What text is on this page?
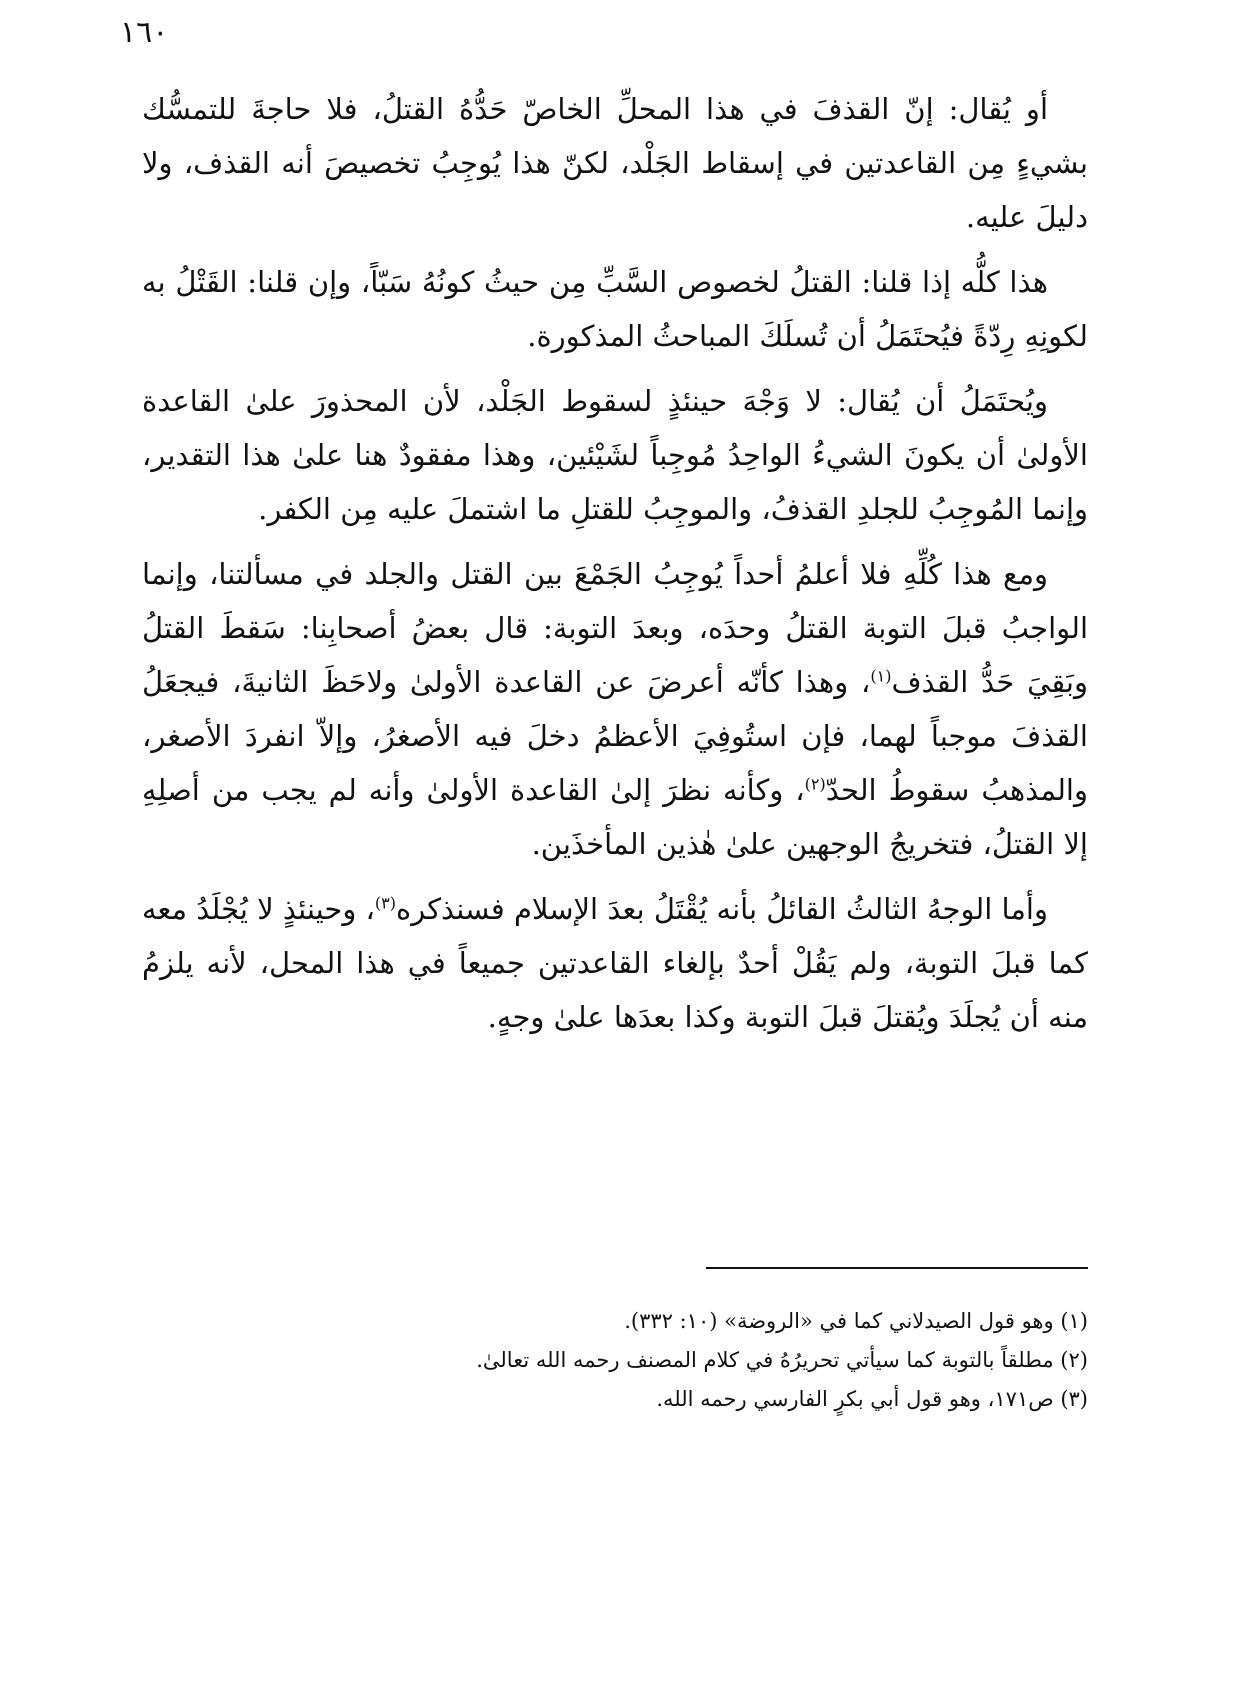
١٦٠

أو يُقال: إنّ القذفَ في هذا المحلِّ الخاصّ حَدُّهُ القتلُ، فلا حاجةَ للتمسُّك بشيءٍ مِن القاعدتين في إسقاط الجَلْد، لكنّ هذا يُوجِبُ تخصيصَ أنه القذف، ولا دليلَ عليه.

هذا كلُّه إذا قلنا: القتلُ لخصوص السَّبِّ مِن حيثُ كونُهُ سَبّاً، وإن قلنا: القَتْلُ به لكونِهِ رِدّةً فيُحتَمَلُ أن تُسلَكَ المباحثُ المذكورة.

ويُحتَمَلُ أن يُقال: لا وَجْهَ حينئذٍ لسقوط الجَلْد، لأن المحذورَ علىٰ القاعدة الأولىٰ أن يكونَ الشيءُ الواحِدُ مُوجِباً لشَيْئين، وهذا مفقودٌ هنا علىٰ هذا التقدير، وإنما المُوجِبُ للجلدِ القذفُ، والموجِبُ للقتلِ ما اشتملَ عليه مِن الكفر.

ومع هذا كُلِّهِ فلا أعلمُ أحداً يُوجِبُ الجَمْعَ بين القتل والجلد في مسألتنا، وإنما الواجبُ قبلَ التوبة القتلُ وحدَه، وبعدَ التوبة: قال بعضُ أصحابِنا: سَقطَ القتلُ وبَقِيَ حَدُّ القذف$^{(١)}$، وهذا كأنّه أعرضَ عن القاعدة الأولىٰ ولاحَظَ الثانيةَ، فيجعَلُ القذفَ موجباً لهما، فإن استُوفِيَ الأعظمُ دخلَ فيه الأصغرُ، وإلاّ انفردَ الأصغر، والمذهبُ سقوطُ الحدّ$^{(٢)}$، وكأنه نظرَ إلىٰ القاعدة الأولىٰ وأنه لم يجب من أصلِهِ إلا القتلُ، فتخريجُ الوجهين علىٰ هٰذين المأخذَين.

وأما الوجهُ الثالثُ القائلُ بأنه يُقْتَلُ بعدَ الإسلام فسنذكره$^{(٣)}$، وحينئذٍ لا يُجْلَدُ معه كما قبلَ التوبة، ولم يَقُلْ أحدٌ بإلغاء القاعدتين جميعاً في هذا المحل، لأنه يلزمُ منه أن يُجلَدَ ويُقتلَ قبلَ التوبة وكذا بعدَها علىٰ وجهٍ.

(١) وهو قول الصيدلاني كما في «الروضة» (١٠: ٣٣٢).

(٢) مطلقاً بالتوبة كما سيأتي تحريرُهُ في كلام المصنف رحمه الله تعالىٰ.

(٣) ص١٧١، وهو قول أبي بكرٍ الفارسي رحمه الله.
